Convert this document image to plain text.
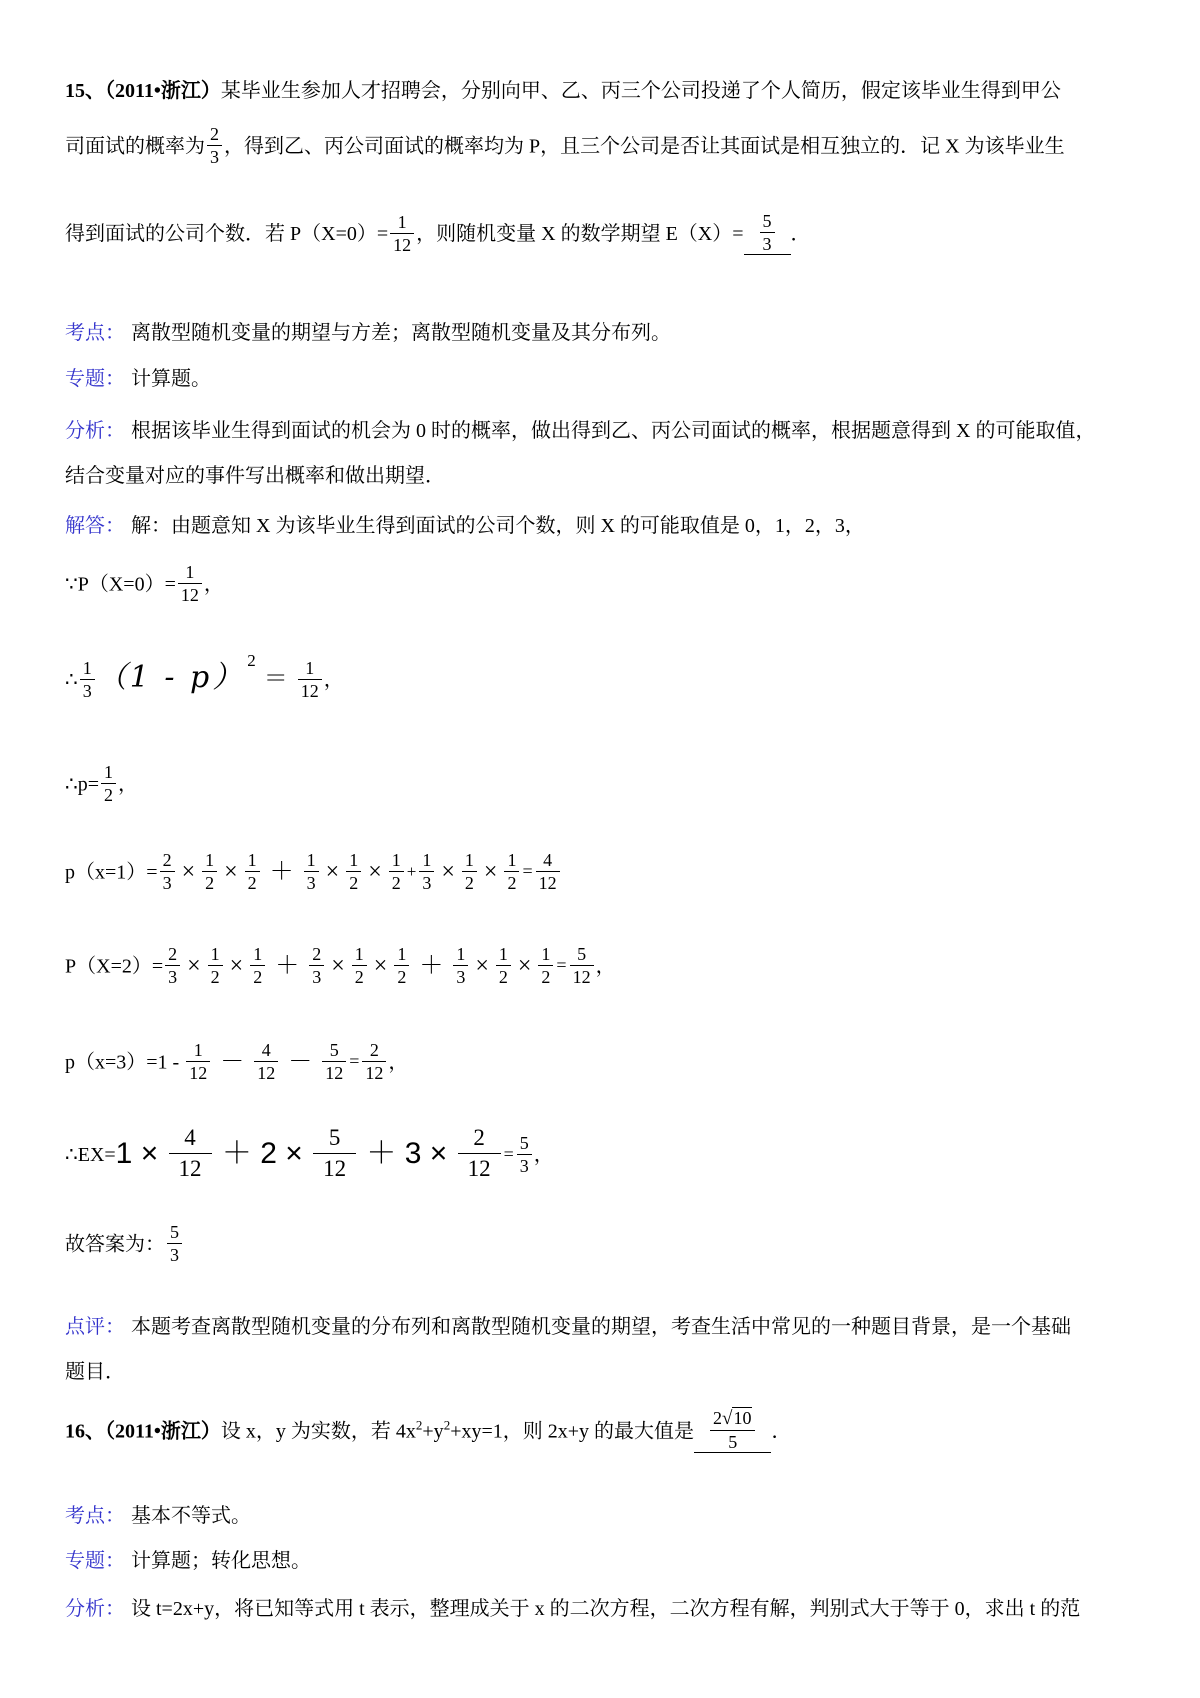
15、（2011•浙江）某毕业生参加人才招聘会，分别向甲、乙、丙三个公司投递了个人简历，假定该毕业生得到甲公
司面试的概率为 $\frac{2}{3}$ ，得到乙、丙公司面试的概率均为 P，且三个公司是否让其面试是相互独立的．记 X 为该毕业生
得到面试的公司个数．若 $P(X=0)= \frac{1}{12}$ ，则随机变量 X 的数学期望 $E(X)= \frac{5}{3}$ ．
考点： 离散型随机变量的期望与方差；离散型随机变量及其分布列。
专题： 计算题。
分析： 根据该毕业生得到面试的机会为 0 时的概率，做出得到乙、丙公司面试的概率，根据题意得到 X 的可能取值，
结合变量对应的事件写出概率和做出期望．
解答： 解：由题意知 X 为该毕业生得到面试的公司个数，则 X 的可能取值是 0，1，2，3，
∵P（X=0）= $\frac{1}{12}$ ，
∴ $\frac{1}{3} (1 - p)$ $^2= \frac{1}{12}$ ，
∴p= $\frac{1}{2}$ ，
$p(x=1)= \frac{2}{3} \times \frac{1}{2} \times \frac{1}{2} + \frac{1}{3} \times \frac{1}{2} \times \frac{1}{2} + \frac{1}{3} \times \frac{1}{2} \times \frac{1}{2} = \frac{4}{12}$
$P(X=2)= \frac{2}{3} \times \frac{1}{2} \times \frac{1}{2} + \frac{2}{3} \times \frac{1}{2} \times \frac{1}{2} + \frac{1}{3} \times \frac{1}{2} \times \frac{1}{2} = \frac{5}{12}$ ，
$p(x=3)=1 - \frac{1}{12} - \frac{4}{12} - \frac{5}{12} = \frac{2}{12}$ ，
∴EX=1 × $\frac{4}{12} + 2 \times \frac{5}{12} + 3 \times \frac{2}{12} = \frac{5}{3}$ ，
故答案为： $\frac{5}{3}$
点评： 本题考查离散型随机变量的分布列和离散型随机变量的期望，考查生活中常见的一种题目背景，是一个基础
题目．
16、（2011•浙江）设 x，y 为实数，若 $4x^2+y^2+xy=1$，则 2x+y 的最大值是 $\frac{2√10}{5}$ ．
考点： 基本不等式。
专题： 计算题；转化思想。
分析： 设 t=2x+y，将已知等式用 t 表示，整理成关于 x 的二次方程，二次方程有解，判别式大于等于 0，求出 t 的范
